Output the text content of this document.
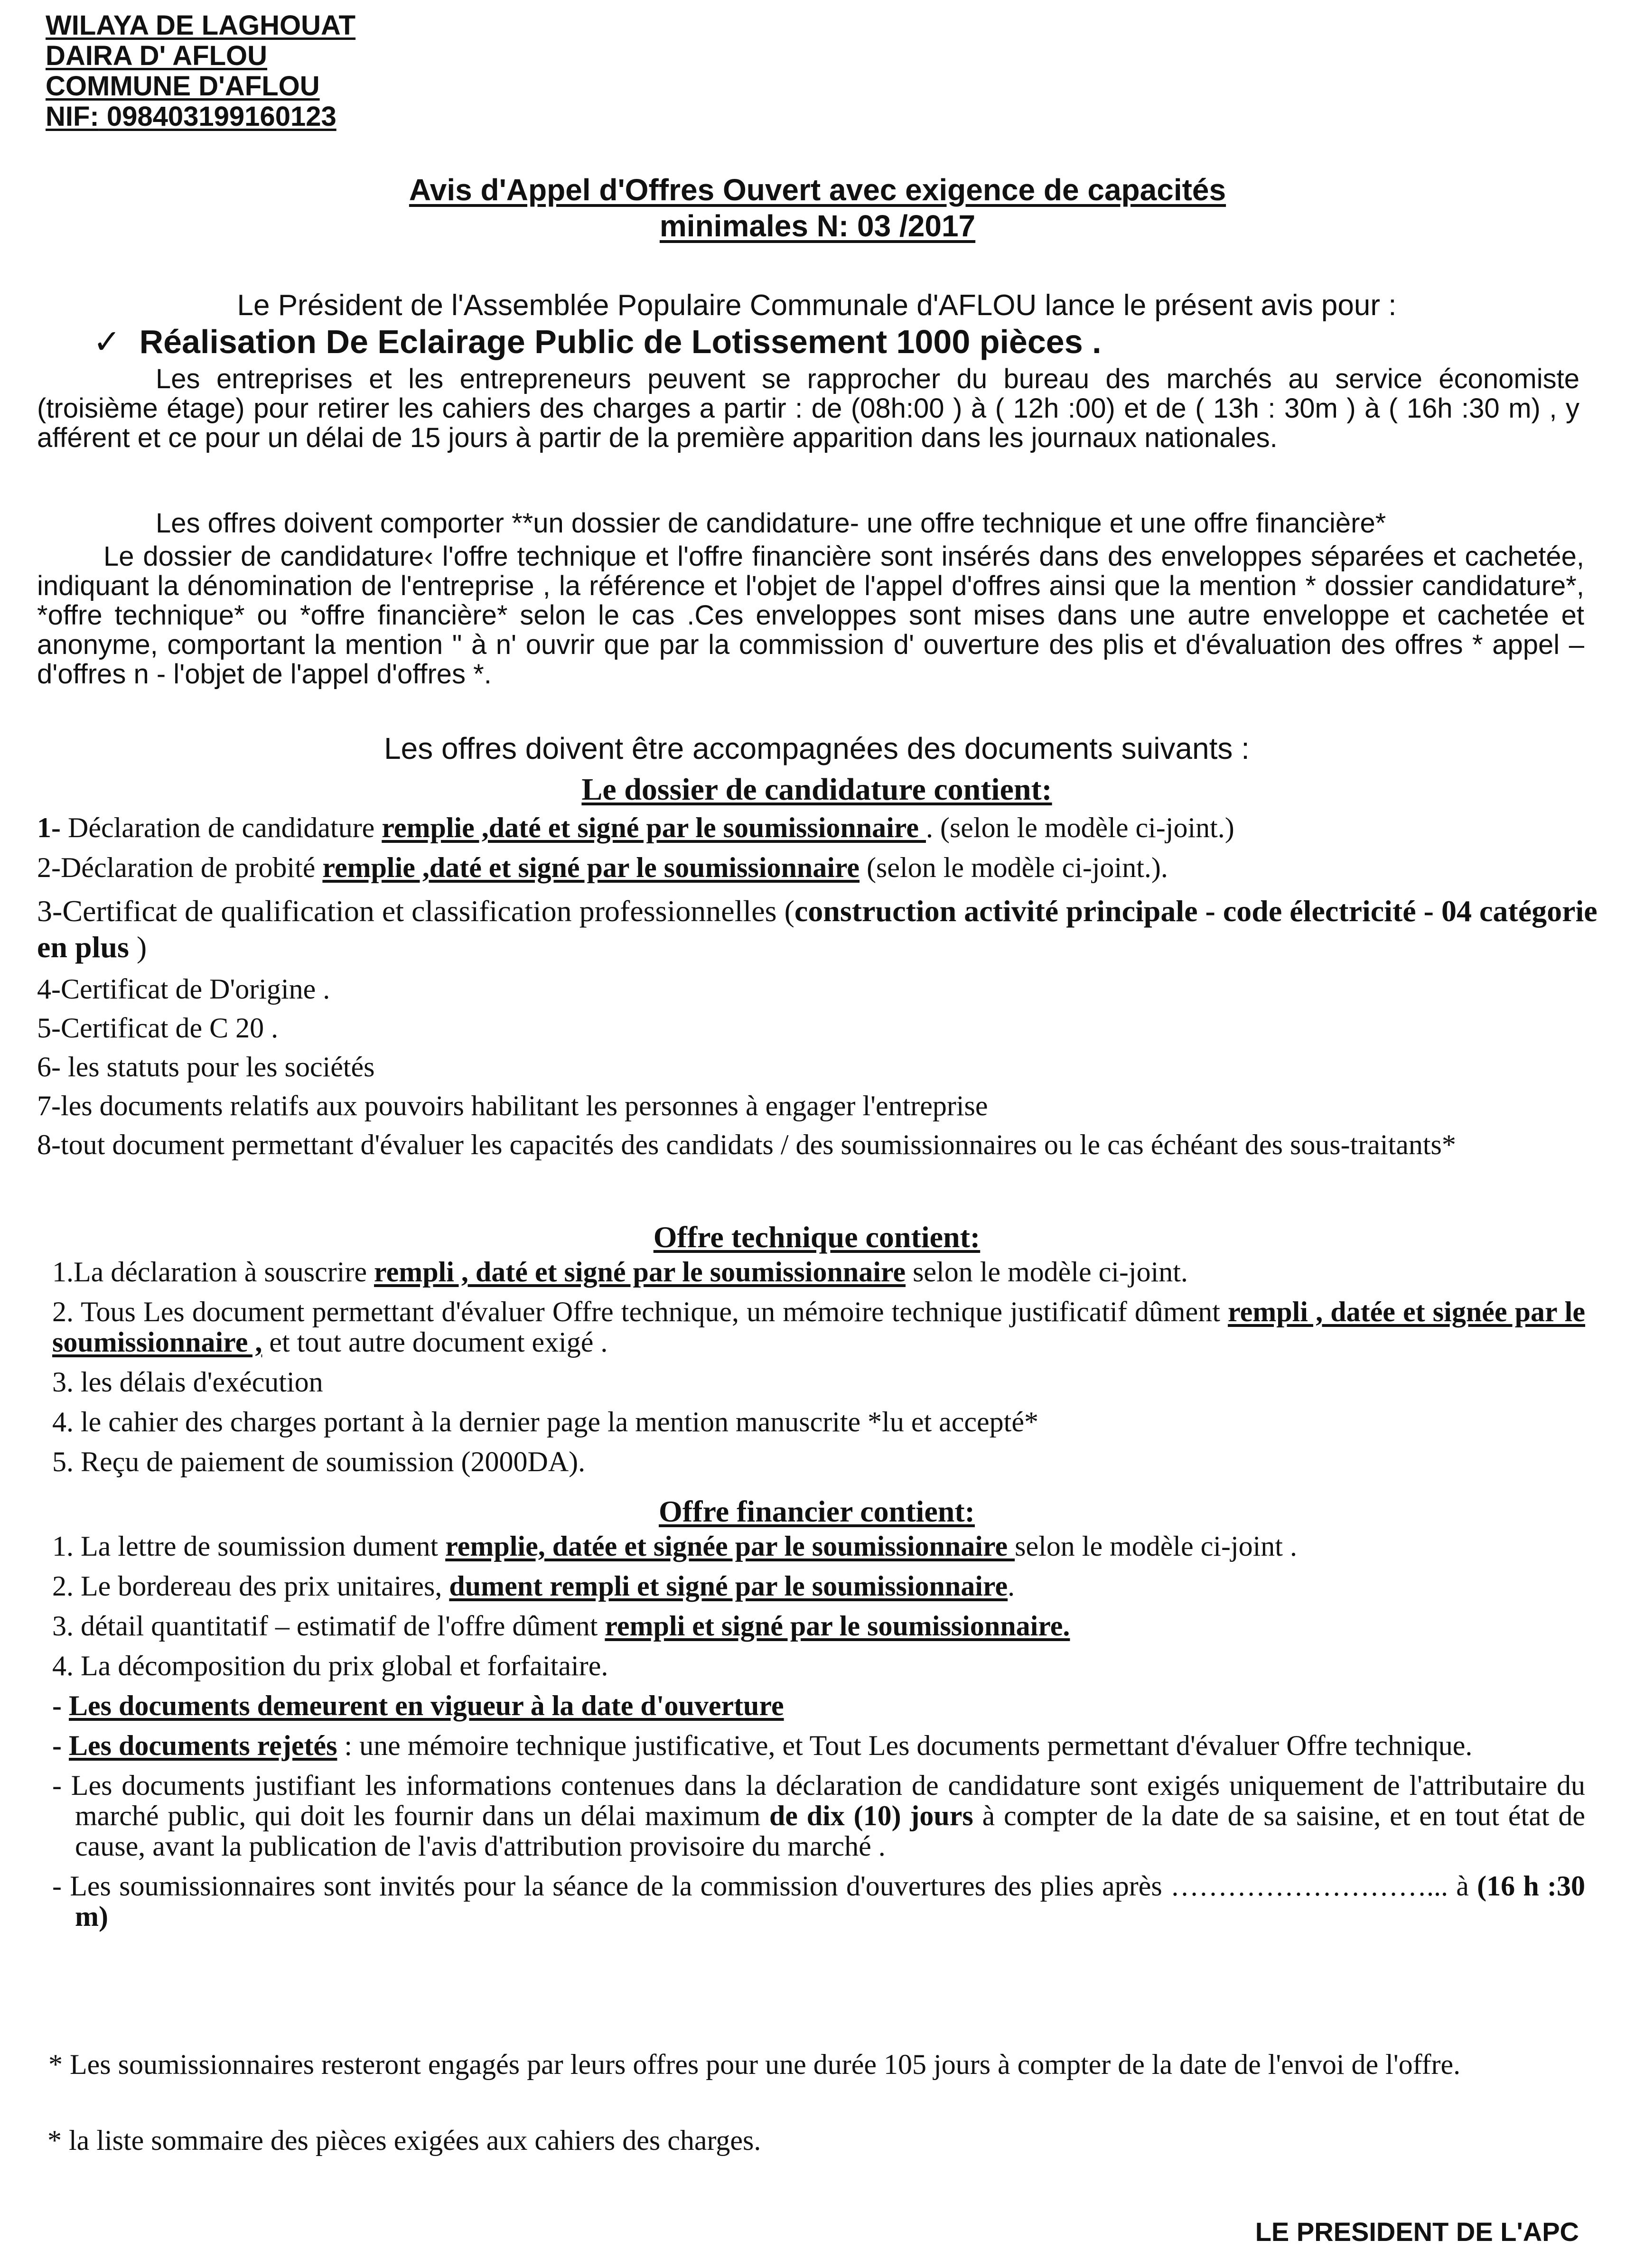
WILAYA DE LAGHOUAT
DAIRA D' AFLOU
COMMUNE D'AFLOU
NIF: 098403199160123
Avis d'Appel d'Offres Ouvert avec exigence de capacités
minimales N: 03 /2017
Le Président de l'Assemblée Populaire Communale d'AFLOU lance le présent avis pour :
✓ Réalisation De Eclairage Public de Lotissement 1000 pièces .
Les entreprises et les entrepreneurs peuvent se rapprocher du bureau des marchés au service économiste (troisième étage) pour retirer les cahiers des charges a partir : de (08h:00 ) à ( 12h :00) et de ( 13h : 30m ) à ( 16h :30 m) , y afférent et ce pour un délai de 15 jours à partir de la première apparition dans les journaux nationales.
Les offres doivent comporter **un dossier de candidature- une offre technique et une offre financière*
Le dossier de candidature‹ l'offre technique et l'offre financière sont insérés dans des enveloppes séparées et cachetée, indiquant la dénomination de l'entreprise , la référence et l'objet de l'appel d'offres ainsi que la mention * dossier candidature*, *offre technique* ou *offre financière* selon le cas .Ces enveloppes sont mises dans une autre enveloppe et cachetée et anonyme, comportant la mention " à n' ouvrir que par la commission d' ouverture des plis et d'évaluation des offres * appel – d'offres n - l'objet de l'appel d'offres *.
Les offres doivent être accompagnées des documents suivants :
Le dossier de candidature contient:
1- Déclaration de candidature remplie ,daté et signé par le soumissionnaire . (selon le modèle ci-joint.)
2-Déclaration de probité remplie ,daté et signé par le soumissionnaire (selon le modèle ci-joint.).
3-Certificat de qualification et classification professionnelles (construction activité principale - code électricité - 04 catégorie en plus )
4-Certificat de D'origine .
5-Certificat de C 20 .
6- les statuts pour les sociétés
7-les documents relatifs aux pouvoirs habilitant les personnes à engager l'entreprise
8-tout document permettant d'évaluer les capacités des candidats / des soumissionnaires ou le cas échéant des sous-traitants*
Offre technique contient:
1.La déclaration à souscrire rempli , daté et signé par le soumissionnaire selon le modèle ci-joint.
2. Tous Les document permettant d'évaluer Offre technique, un mémoire technique justificatif dûment rempli , datée et signée par le soumissionnaire , et tout autre document exigé .
3. les délais d'exécution
4. le cahier des charges portant à la dernier page la mention manuscrite *lu et accepté*
5. Reçu de paiement de soumission (2000DA).
Offre financier contient:
1. La lettre de soumission dument remplie, datée et signée par le soumissionnaire selon le modèle ci-joint .
2. Le bordereau des prix unitaires, dument rempli et signé par le soumissionnaire.
3. détail quantitatif – estimatif de l'offre dûment rempli et signé par le soumissionnaire.
4. La décomposition du prix global et forfaitaire.
- Les documents demeurent en vigueur à la date d'ouverture
- Les documents rejetés : une mémoire technique justificative, et Tout Les documents permettant d'évaluer Offre technique.
- Les documents justifiant les informations contenues dans la déclaration de candidature sont exigés uniquement de l'attributaire du marché public, qui doit les fournir dans un délai maximum de dix (10) jours à compter de la date de sa saisine, et en tout état de cause, avant la publication de l'avis d'attribution provisoire du marché .
- Les soumissionnaires sont invités pour la séance de la commission d'ouvertures des plies après ………………………... à (16 h :30 m)
* Les soumissionnaires resteront engagés par leurs offres pour une durée 105 jours à compter de la date de l'envoi de l'offre.
* la liste sommaire des pièces exigées aux cahiers des charges.
LE PRESIDENT DE L'APC
